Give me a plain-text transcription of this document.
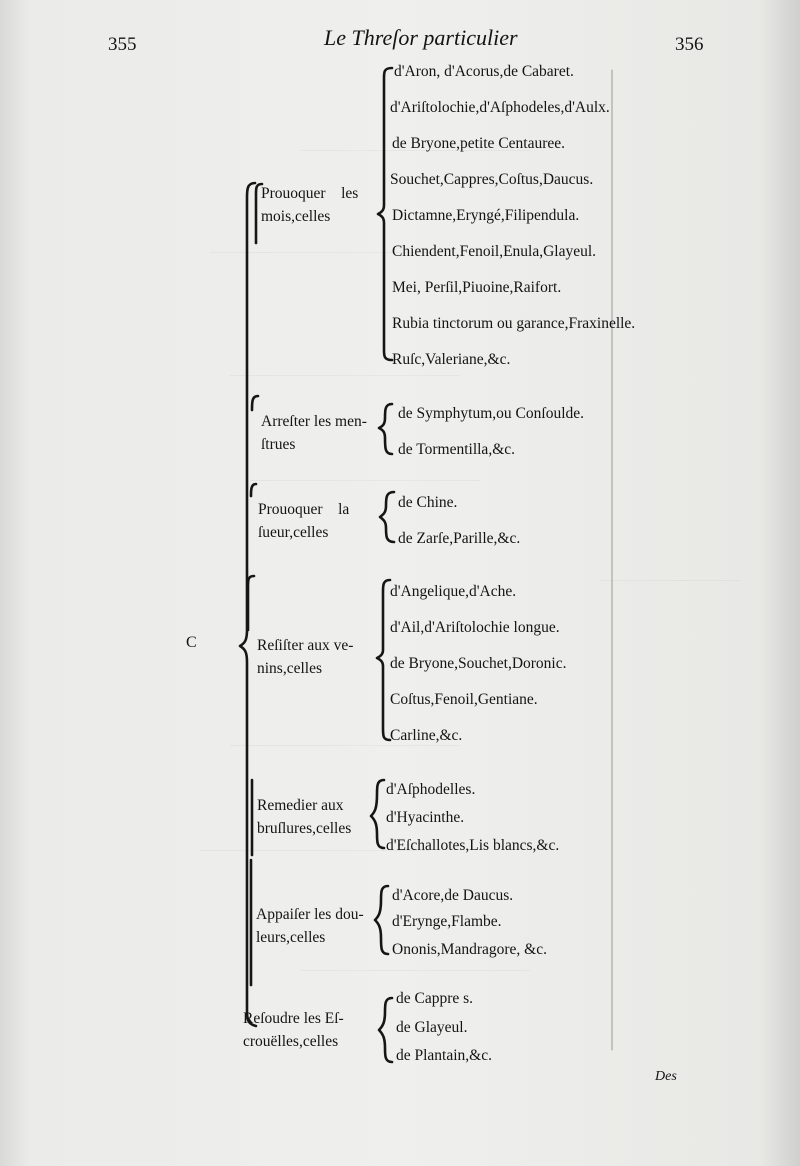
355	Le Threſor particulier	356
C
Prouoquer    les
mois,celles
d'Aron, d'Acorus,de Cabaret.
d'Ariſtolochie,d'Aſphodeles,d'Aulx.
de Bryone,petite Centauree.
Souchet,Cappres,Coſtus,Daucus.
Dictamne,Eryngé,Filipendula.
Chiendent,Fenoil,Enula,Glayeul.
Mei, Perſil,Piuoine,Raifort.
Rubia tinctorum ou garance,Fraxinelle.
Ruſc,Valeriane,&c.
Arreſter les men-
ſtrues
de Symphytum,ou Conſoulde.
de Tormentilla,&c.
Prouoquer    la
ſueur,celles
de Chine.
de Zarſe,Parille,&c.
Reſiſter aux ve-
nins,celles
d'Angelique,d'Ache.
d'Ail,d'Ariſtolochie longue.
de Bryone,Souchet,Doronic.
Coſtus,Fenoil,Gentiane.
Carline,&c.
Remedier aux
bruſlures,celles
d'Aſphodelles.
d'Hyacinthe.
d'Eſchallotes,Lis blancs,&c.
Appaiſer les dou-
leurs,celles
d'Acore,de Daucus.
d'Erynge,Flambe.
Ononis,Mandragore, &c.
Reſoudre les Eſ-
crouëlles,celles
de Cappre s.
de Glayeul.
de Plantain,&c.
Des
